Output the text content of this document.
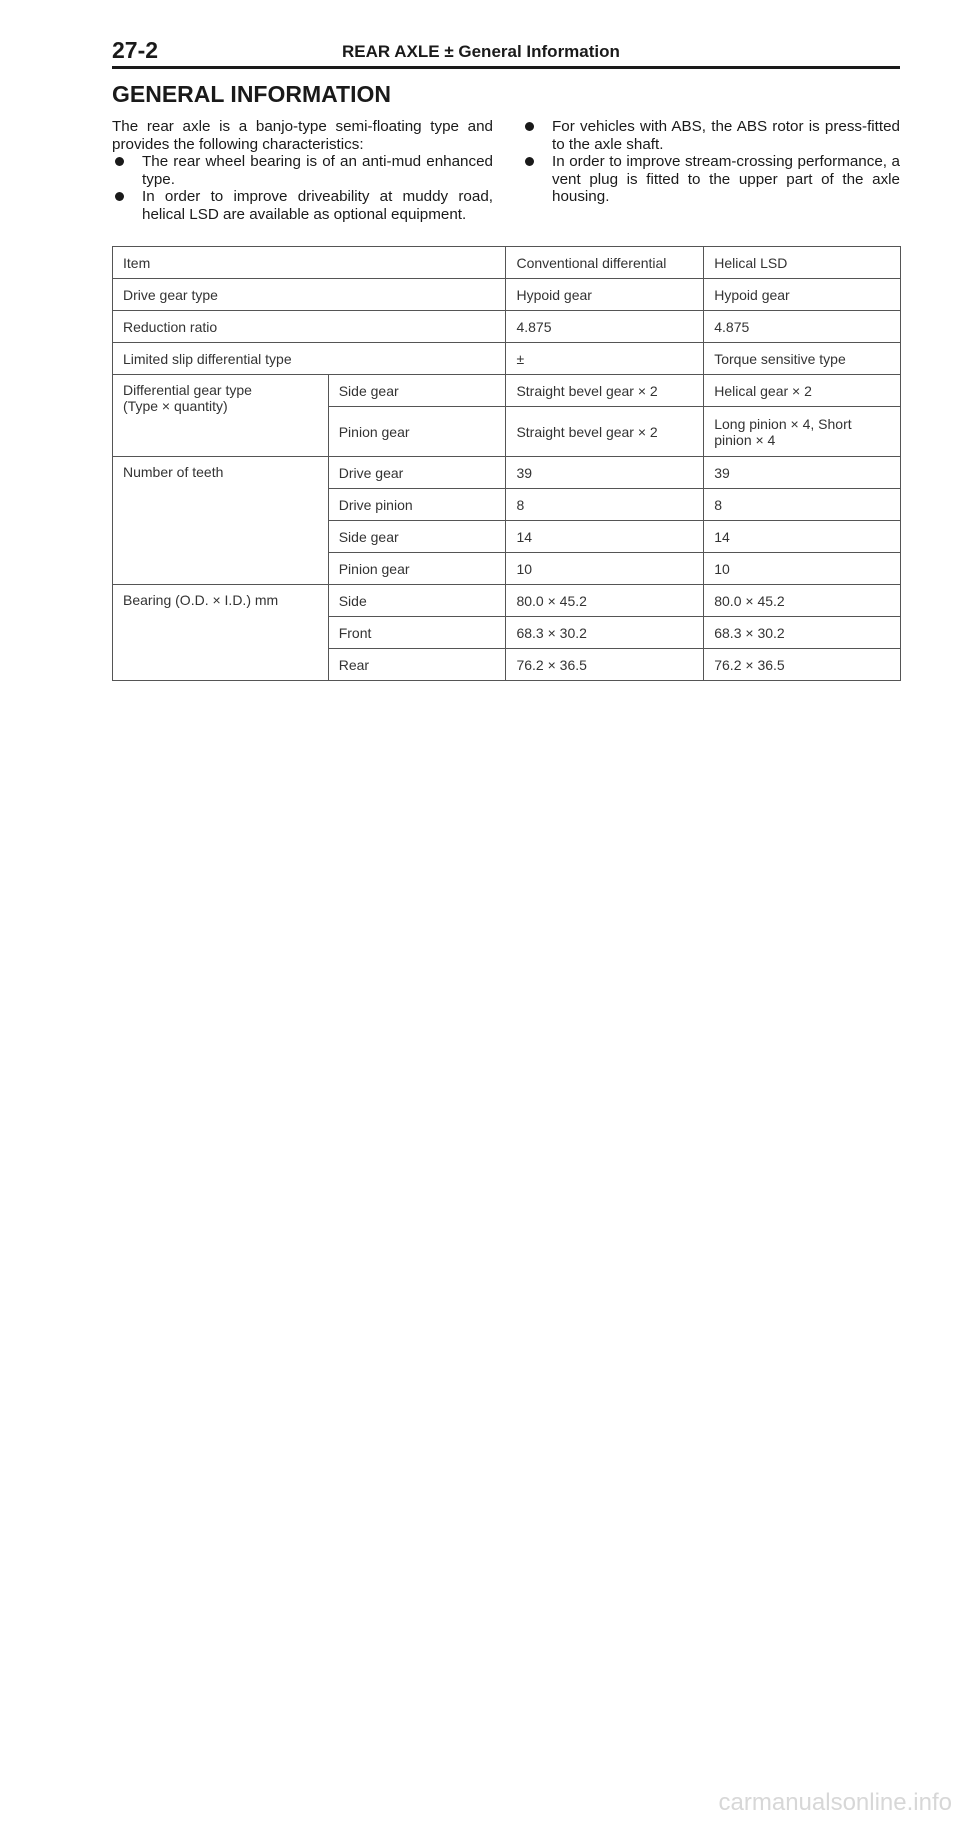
27-2	REAR AXLE ± General Information
GENERAL INFORMATION

The rear axle is a banjo-type semi-floating type and provides the following characteristics:

The rear wheel bearing is of an anti-mud enhanced type.
In order to improve driveability at muddy road, helical LSD are available as optional equipment.
For vehicles with ABS, the ABS rotor is press-fitted to the axle shaft.
In order to improve stream-crossing performance, a vent plug is fitted to the upper part of the axle housing.
Item		Conventional differential	Helical LSD
Drive gear type		Hypoid gear	Hypoid gear
Reduction ratio		4.875	4.875
Limited slip differential type		±	Torque sensitive type

Differential gear type
(Type × quantity)	Side gear	Straight bevel gear × 2	Helical gear × 2
	Pinion gear	Straight bevel gear × 2	Long pinion × 4, Short pinion × 4
Number of teeth	Drive gear	39	39
	Drive pinion	8	8
	Side gear	14	14
	Pinion gear	10	10
Bearing (O.D. × I.D.) mm	Side	80.0 × 45.2	80.0 × 45.2
	Front	68.3 × 30.2	68.3 × 30.2
	Rear	76.2 × 36.5	76.2 × 36.5
carmanualsonline.info
